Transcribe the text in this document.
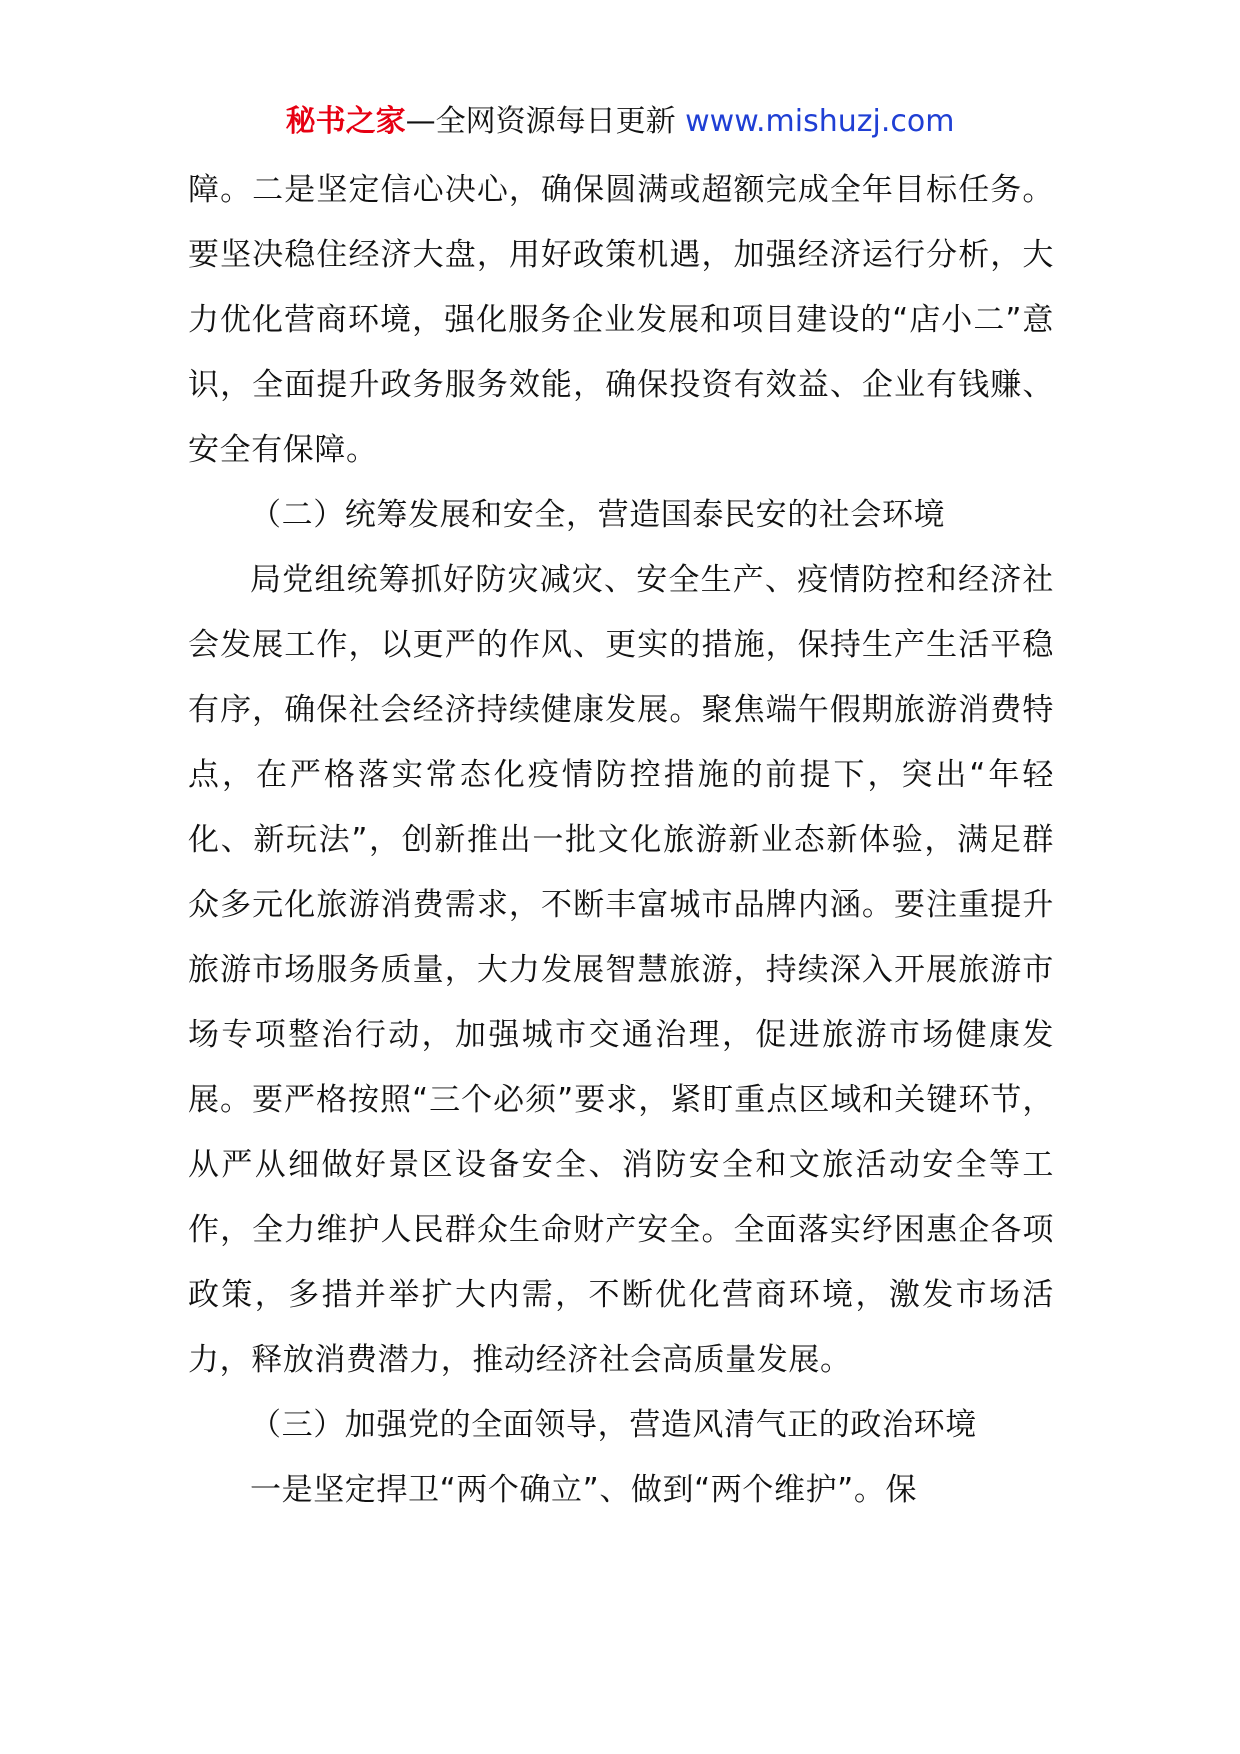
秘书之家—全网资源每日更新 www.mishuzj.com

障。二是坚定信心决心，确保圆满或超额完成全年目标任务。要坚决稳住经济大盘，用好政策机遇，加强经济运行分析，大力优化营商环境，强化服务企业发展和项目建设的“店小二”意识，全面提升政务服务效能，确保投资有效益、企业有钱赚、安全有保障。

（二）统筹发展和安全，营造国泰民安的社会环境

局党组统筹抓好防灾减灾、安全生产、疫情防控和经济社会发展工作，以更严的作风、更实的措施，保持生产生活平稳有序，确保社会经济持续健康发展。聚焦端午假期旅游消费特点，在严格落实常态化疫情防控措施的前提下，突出“年轻化、新玩法”，创新推出一批文化旅游新业态新体验，满足群众多元化旅游消费需求，不断丰富城市品牌内涵。要注重提升旅游市场服务质量，大力发展智慧旅游，持续深入开展旅游市场专项整治行动，加强城市交通治理，促进旅游市场健康发展。要严格按照“三个必须”要求，紧盯重点区域和关键环节，从严从细做好景区设备安全、消防安全和文旅活动安全等工作，全力维护人民群众生命财产安全。全面落实纾困惠企各项政策，多措并举扩大内需，不断优化营商环境，激发市场活力，释放消费潜力，推动经济社会高质量发展。

（三）加强党的全面领导，营造风清气正的政治环境

一是坚定捍卫“两个确立”、做到“两个维护”。保
